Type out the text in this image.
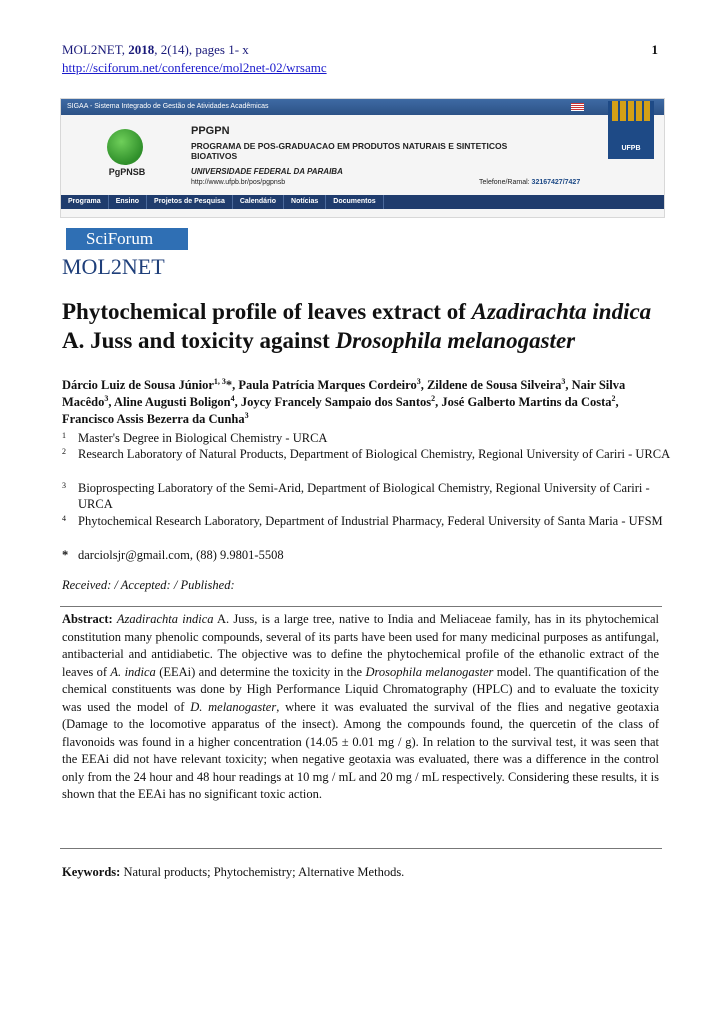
MOL2NET, 2018, 2(14), pages 1- x	1
http://sciforum.net/conference/mol2net-02/wrsamc
SIGAA - Sistema Integrado de Gestão de Atividades Acadêmicas
UFPB
PgPNSB
PPGPN
PROGRAMA DE POS-GRADUACAO EM PRODUTOS NATURAIS E SINTETICOS BIOATIVOS
UNIVERSIDADE FEDERAL DA PARAIBA
http://www.ufpb.br/pos/pgpnsb	Telefone/Ramal: 32167427/7427
Programa	Ensino	Projetos de Pesquisa	Calendário	Notícias	Documentos
SciForum
MOL2NET
Phytochemical profile of leaves extract of Azadirachta indica A. Juss and toxicity against Drosophila melanogaster
Dárcio Luiz de Sousa Júnior$^{1, 3}$*, Paula Patrícia Marques Cordeiro$^3$, Zildene de Sousa Silveira$^3$, Nair Silva Macêdo$^3$, Aline Augusti Boligon$^4$, Joycy Francely Sampaio dos Santos$^2$, José Galberto Martins da Costa$^2$, Francisco Assis Bezerra da Cunha$^3$
1 Master's Degree in Biological Chemistry - URCA
2 Research Laboratory of Natural Products, Department of Biological Chemistry, Regional University of Cariri - URCA
3 Bioprospecting Laboratory of the Semi-Arid, Department of Biological Chemistry, Regional University of Cariri - URCA
4 Phytochemical Research Laboratory, Department of Industrial Pharmacy, Federal University of Santa Maria - UFSM
* darciolsjr@gmail.com, (88) 9.9801-5508
Received: / Accepted: / Published:
Abstract: Azadirachta indica A. Juss, is a large tree, native to India and Meliaceae family, has in its phytochemical constitution many phenolic compounds, several of its parts have been used for many medicinal purposes as antifungal, antibacterial and antidiabetic. The objective was to define the phytochemical profile of the ethanolic extract of the leaves of A. indica (EEAi) and determine the toxicity in the Drosophila melanogaster model. The quantification of the chemical constituents was done by High Performance Liquid Chromatography (HPLC) and to evaluate the toxicity was used the model of D. melanogaster, where it was evaluated the survival of the flies and negative geotaxia (Damage to the locomotive apparatus of the insect). Among the compounds found, the quercetin of the class of flavonoids was found in a higher concentration (14.05 ± 0.01 mg / g). In relation to the survival test, it was seen that the EEAi did not have relevant toxicity; when negative geotaxia was evaluated, there was a difference in the control only from the 24 hour and 48 hour readings at 10 mg / mL and 20 mg / mL respectively. Considering these results, it is shown that the EEAi has no significant toxic action.
Keywords: Natural products; Phytochemistry; Alternative Methods.
